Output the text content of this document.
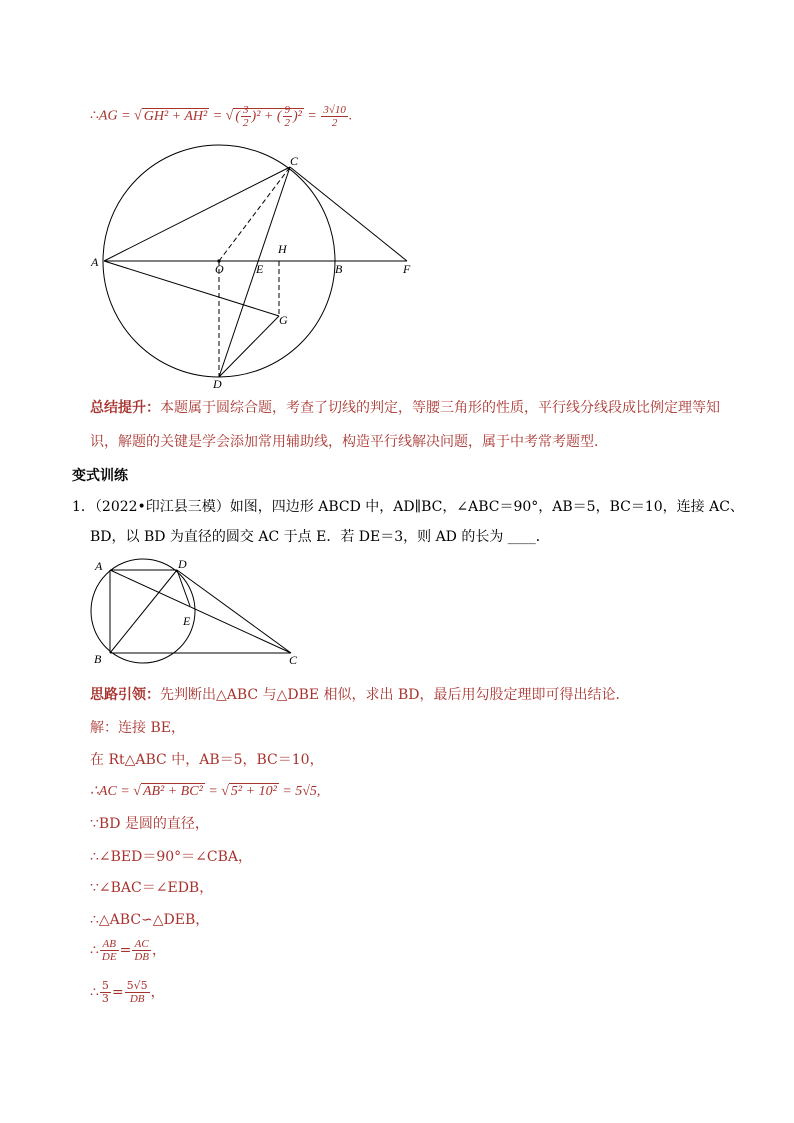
∴AG = √ GH² + AH² = √ ( $\frac{3}{2} )^2$ + ( $\frac{9}{2} )^2 = \frac{3√10}{2}$ .
A	O	E
H
B	F
C
G
D
总结提升：本题属于圆综合题，考查了切线的判定，等腰三角形的性质，平行线分线段成比例定理等知
识，解题的关键是学会添加常用辅助线，构造平行线解决问题，属于中考常考题型．
变式训练
1．（2022•印江县三模）如图，四边形 ABCD 中，AD∥BC，∠ABC＝90°，AB＝5，BC＝10，连接 AC、
BD，以 BD 为直径的圆交 AC 于点 E．若 DE＝3，则 AD 的长为 ____．
A	D
E
B	C
思路引领：先判断出△ABC 与△DBE 相似，求出 BD，最后用勾股定理即可得出结论．
解：连接 BE，
在 Rt△ABC 中，AB＝5，BC＝10，
∴AC = √ AB² + BC² = √ 5² + 10² = 5√5,
∵BD 是圆的直径，
∴∠BED＝90°＝∠CBA，
∵∠BAC＝∠EDB，
∴△ABC∽△DEB，
∴ $\frac{AB}{DE} = \frac{AC}{DB}$ ，
∴ $\frac{5}{3} = \frac{5√5}{DB}$ ，
